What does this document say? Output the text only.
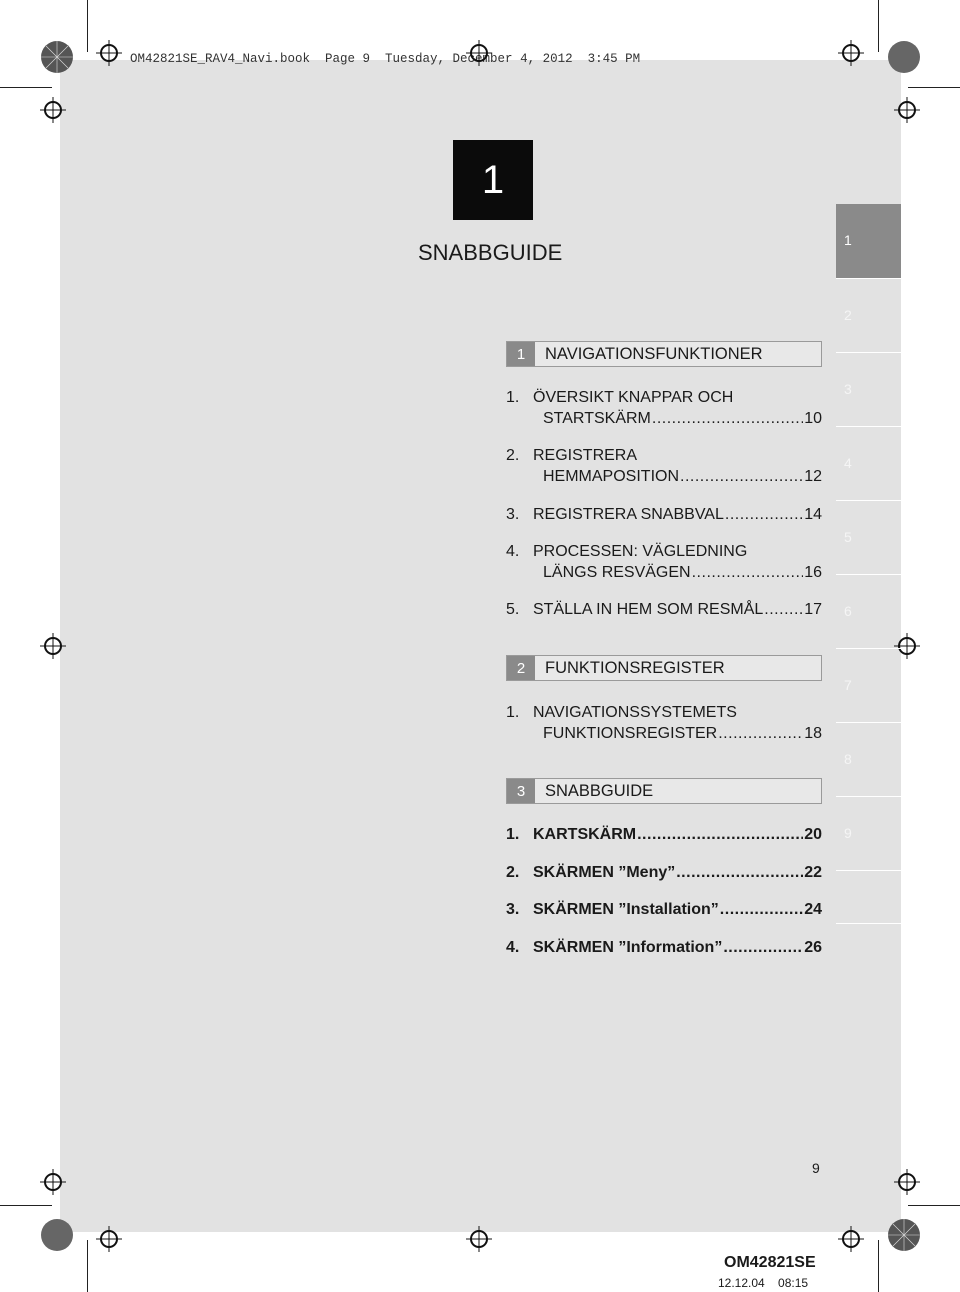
OM42821SE_RAV4_Navi.book  Page 9  Tuesday, December 4, 2012  3:45 PM
1
SNABBGUIDE	1
2
3
4
5
6
7
8
9
1	NAVIGATIONSFUNKTIONER
1. ÖVERSIKT KNAPPAR OCH
STARTSKÄRM .....	10
2. REGISTRERA
HEMMAPOSITION .....	12
3. REGISTRERA SNABBVAL .....	14
4. PROCESSEN: VÄGLEDNING
LÄNGS RESVÄGEN .....	16
5. STÄLLA IN HEM SOM RESMÅL .....	17
2	FUNKTIONSREGISTER
1. NAVIGATIONSSYSTEMETS
FUNKTIONSREGISTER .....	18
3	SNABBGUIDE
1. KARTSKÄRM .....	20
2. SKÄRMEN ”Meny” .....	22
3. SKÄRMEN ”Installation” .....	24
4. SKÄRMEN ”Information” .....	26
9
OM42821SE
12.12.04    08:15
